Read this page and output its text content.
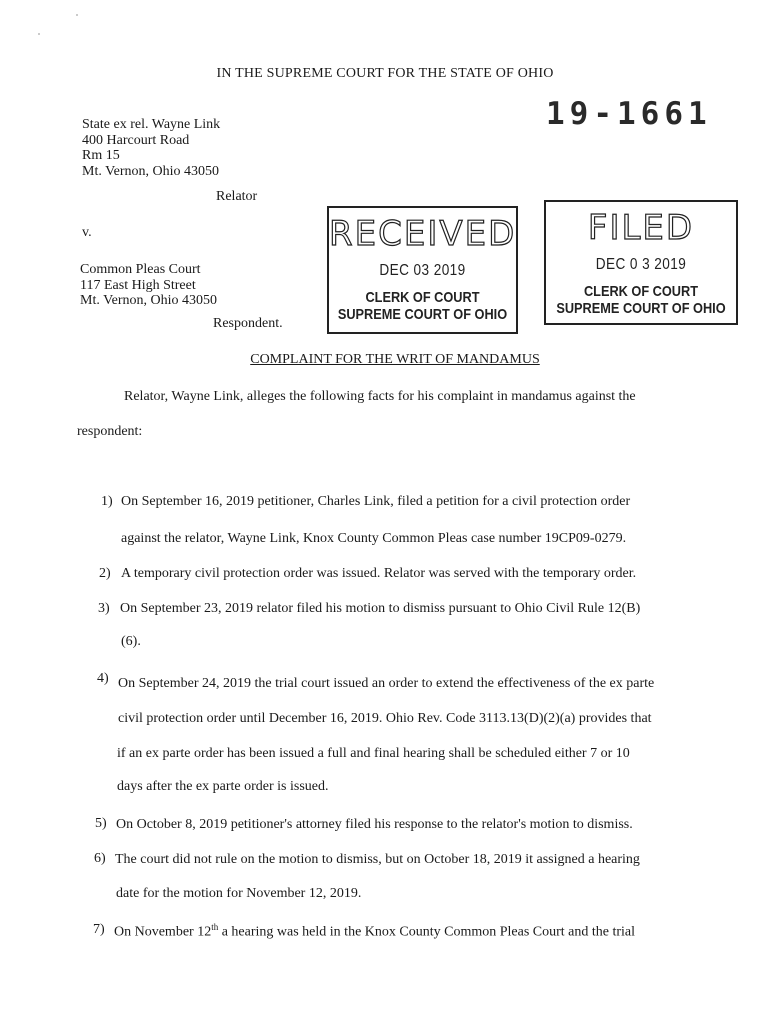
IN THE SUPREME COURT FOR THE STATE OF OHIO
19-1661
State ex rel. Wayne Link
400 Harcourt Road
Rm 15
Mt. Vernon, Ohio 43050
Relator
v.
Common Pleas Court
117 East High Street
Mt. Vernon, Ohio 43050
Respondent.
RECEIVED
DEC 03 2019
CLERK OF COURT
SUPREME COURT OF OHIO
FILED
DEC 0 3 2019
CLERK OF COURT
SUPREME COURT OF OHIO
COMPLAINT FOR THE WRIT OF MANDAMUS
Relator, Wayne Link, alleges the following facts for his complaint in mandamus against the
respondent:
1) On September 16, 2019 petitioner, Charles Link, filed a petition for a civil protection order
against the relator, Wayne Link, Knox County Common Pleas case number 19CP09-0279.
2) A temporary civil protection order was issued. Relator was served with the temporary order.
3) On September 23, 2019 relator filed his motion to dismiss pursuant to Ohio Civil Rule 12(B)
(6).
4) On September 24, 2019 the trial court issued an order to extend the effectiveness of the ex parte
civil protection order until December 16, 2019. Ohio Rev. Code 3113.13(D)(2)(a) provides that
if an ex parte order has been issued a full and final hearing shall be scheduled either 7 or 10
days after the ex parte order is issued.
5) On October 8, 2019 petitioner's attorney filed his response to the relator's motion to dismiss.
6) The court did not rule on the motion to dismiss, but on October 18, 2019 it assigned a hearing
date for the motion for November 12, 2019.
7) On November 12th a hearing was held in the Knox County Common Pleas Court and the trial
